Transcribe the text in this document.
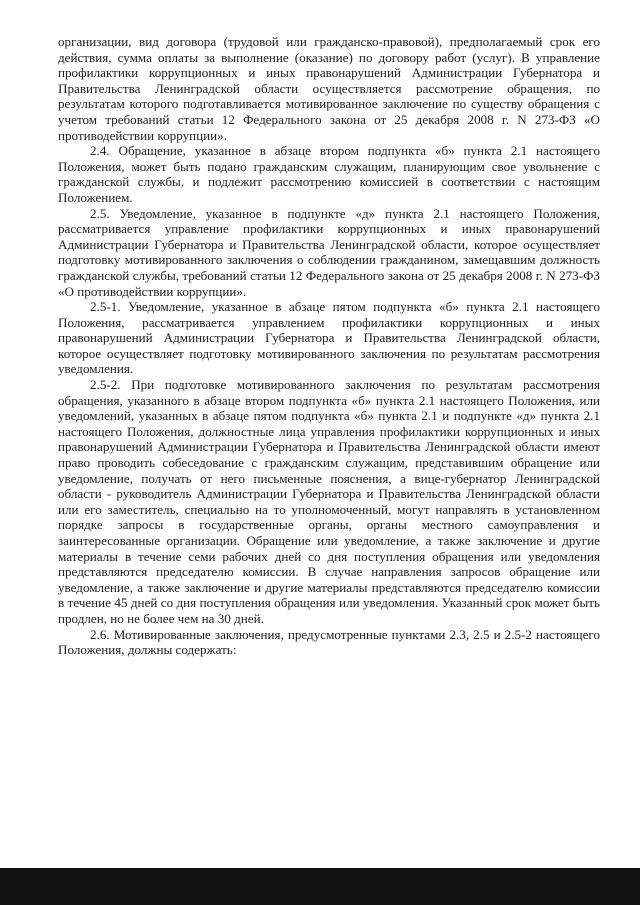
организации, вид договора (трудовой или гражданско-правовой), предполагаемый срок его действия, сумма оплаты за выполнение (оказание) по договору работ (услуг). В управление профилактики коррупционных и иных правонарушений Администрации Губернатора и Правительства Ленинградской области осуществляется рассмотрение обращения, по результатам которого подготавливается мотивированное заключение по существу обращения с учетом требований статьи 12 Федерального закона от 25 декабря 2008 г. N 273-ФЗ «О противодействии коррупции».

2.4. Обращение, указанное в абзаце втором подпункта «б» пункта 2.1 настоящего Положения, может быть подано гражданским служащим, планирующим свое увольнение с гражданской службы, и подлежит рассмотрению комиссией в соответствии с настоящим Положением.

2.5. Уведомление, указанное в подпункте «д» пункта 2.1 настоящего Положения, рассматривается управление профилактики коррупционных и иных правонарушений Администрации Губернатора и Правительства Ленинградской области, которое осуществляет подготовку мотивированного заключения о соблюдении гражданином, замещавшим должность гражданской службы, требований статьи 12 Федерального закона от 25 декабря 2008 г. N 273-ФЗ «О противодействии коррупции».

2.5-1. Уведомление, указанное в абзаце пятом подпункта «б» пункта 2.1 настоящего Положения, рассматривается управлением профилактики коррупционных и иных правонарушений Администрации Губернатора и Правительства Ленинградской области, которое осуществляет подготовку мотивированного заключения по результатам рассмотрения уведомления.

2.5-2. При подготовке мотивированного заключения по результатам рассмотрения обращения, указанного в абзаце втором подпункта «б» пункта 2.1 настоящего Положения, или уведомлений, указанных в абзаце пятом подпункта «б» пункта 2.1 и подпункте «д» пункта 2.1 настоящего Положения, должностные лица управления профилактики коррупционных и иных правонарушений Администрации Губернатора и Правительства Ленинградской области имеют право проводить собеседование с гражданским служащим, представившим обращение или уведомление, получать от него письменные пояснения, а вице-губернатор Ленинградской области - руководитель Администрации Губернатора и Правительства Ленинградской области или его заместитель, специально на то уполномоченный, могут направлять в установленном порядке запросы в государственные органы, органы местного самоуправления и заинтересованные организации. Обращение или уведомление, а также заключение и другие материалы в течение семи рабочих дней со дня поступления обращения или уведомления представляются председателю комиссии. В случае направления запросов обращение или уведомление, а также заключение и другие материалы представляются председателю комиссии в течение 45 дней со дня поступления обращения или уведомления. Указанный срок может быть продлен, но не более чем на 30 дней.

2.6. Мотивированные заключения, предусмотренные пунктами 2.3, 2.5 и 2.5-2 настоящего Положения, должны содержать:
